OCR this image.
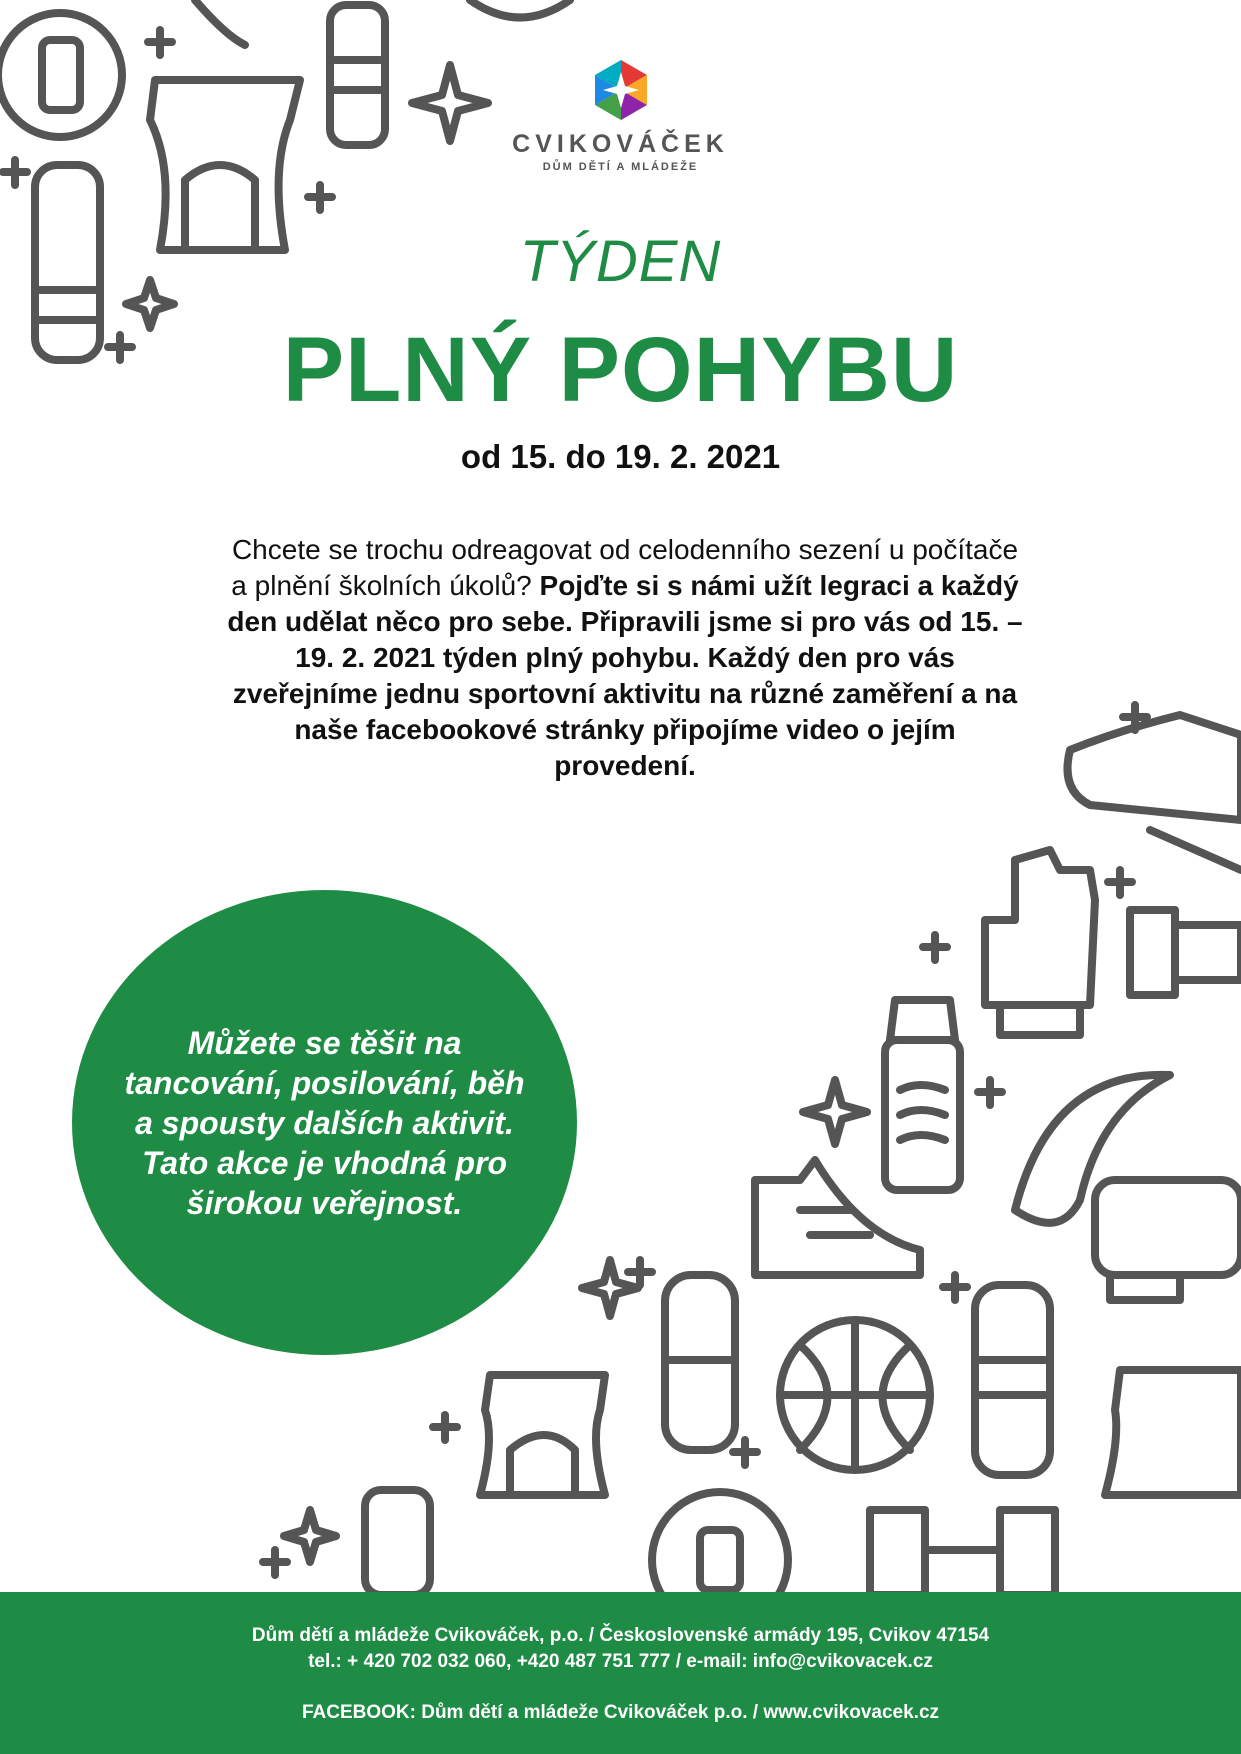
CVIKOVÁČEK
DŮM DĚTÍ A MLÁDEŽE
TÝDEN
PLNÝ POHYBU
od 15. do 19. 2. 2021
Chcete se trochu odreagovat od celodenního sezení u počítače a plnění školních úkolů? Pojďte si s námi užít legraci a každý den udělat něco pro sebe. Připravili jsme si pro vás od 15. – 19. 2. 2021 týden plný pohybu. Každý den pro vás zveřejníme jednu sportovní aktivitu na různé zaměření a na naše facebookové stránky připojíme video o jejím provedení.

Můžete se těšit na tancování, posilování, běh a spousty dalších aktivit. Tato akce je vhodná pro širokou veřejnost.

Dům dětí a mládeže Cvikováček, p.o. / Československé armády 195, Cvikov 47154
tel.: + 420 702 032 060, +420 487 751 777 / e-mail: info@cvikovacek.cz
FACEBOOK: Dům dětí a mládeže Cvikováček p.o. / www.cvikovacek.cz
